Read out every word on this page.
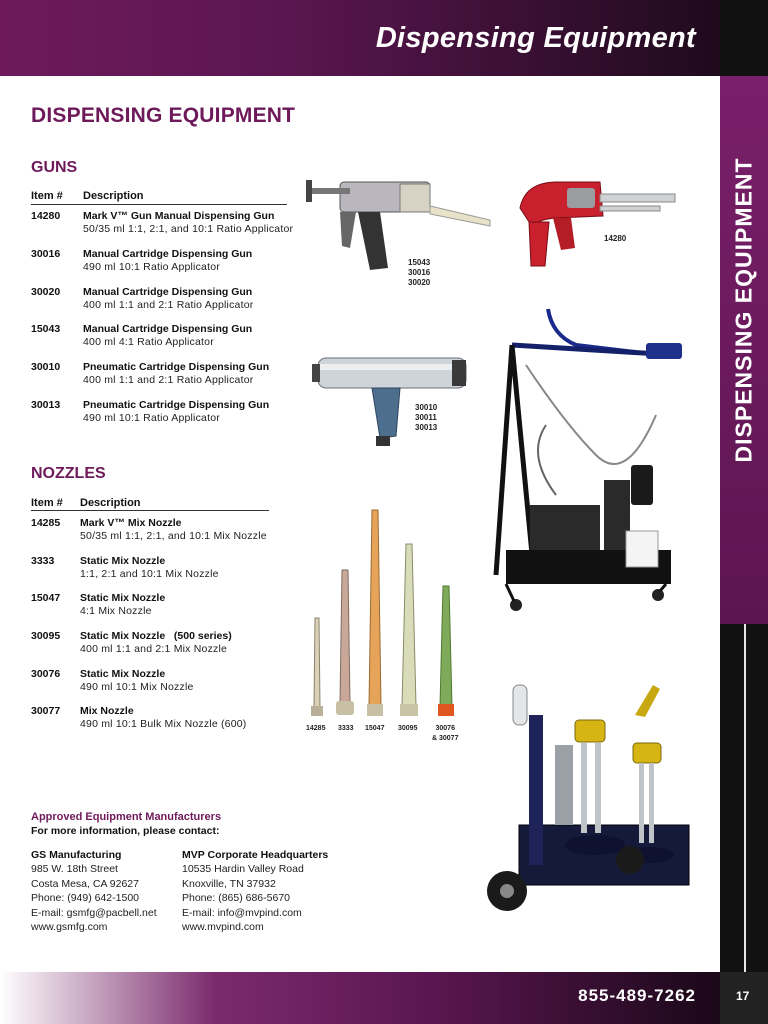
Dispensing Equipment
DISPENSING EQUIPMENT
DISPENSING EQUIPMENT
GUNS
Item # Description
14280 Mark V™ Gun Manual Dispensing Gun
50/35 ml 1:1, 2:1, and 10:1 Ratio Applicator
30016 Manual Cartridge Dispensing Gun
490 ml 10:1 Ratio Applicator
30020 Manual Cartridge Dispensing Gun
400 ml 1:1 and 2:1 Ratio Applicator
15043 Manual Cartridge Dispensing Gun
400 ml 4:1 Ratio Applicator
30010 Pneumatic Cartridge Dispensing Gun
400 ml 1:1 and 2:1 Ratio Applicator
30013 Pneumatic Cartridge Dispensing Gun
490 ml 10:1 Ratio Applicator
NOZZLES
Item # Description
14285 Mark V™ Mix Nozzle
50/35 ml 1:1, 2:1, and 10:1 Mix Nozzle
3333 Static Mix Nozzle
1:1, 2:1 and 10:1 Mix Nozzle
15047 Static Mix Nozzle
4:1 Mix Nozzle
30095 Static Mix Nozzle   (500 series)
400 ml 1:1 and 2:1 Mix Nozzle
30076 Static Mix Nozzle
490 ml 10:1 Mix Nozzle
30077 Mix Nozzle
490 ml 10:1 Bulk Mix Nozzle (600)
15043
30016
30020
14280
30010
30011
30013
14285 3333 15047 30095	30076
& 30077
Approved Equipment Manufacturers
For more information, please contact:
GS Manufacturing
985 W. 18th Street
Costa Mesa, CA 92627
Phone: (949) 642-1500
E-mail: gsmfg@pacbell.net
www.gsmfg.com
MVP Corporate Headquarters
10535 Hardin Valley Road
Knoxville, TN 37932
Phone: (865) 686-5670
E-mail: info@mvpind.com
www.mvpind.com
855-489-7262	17
